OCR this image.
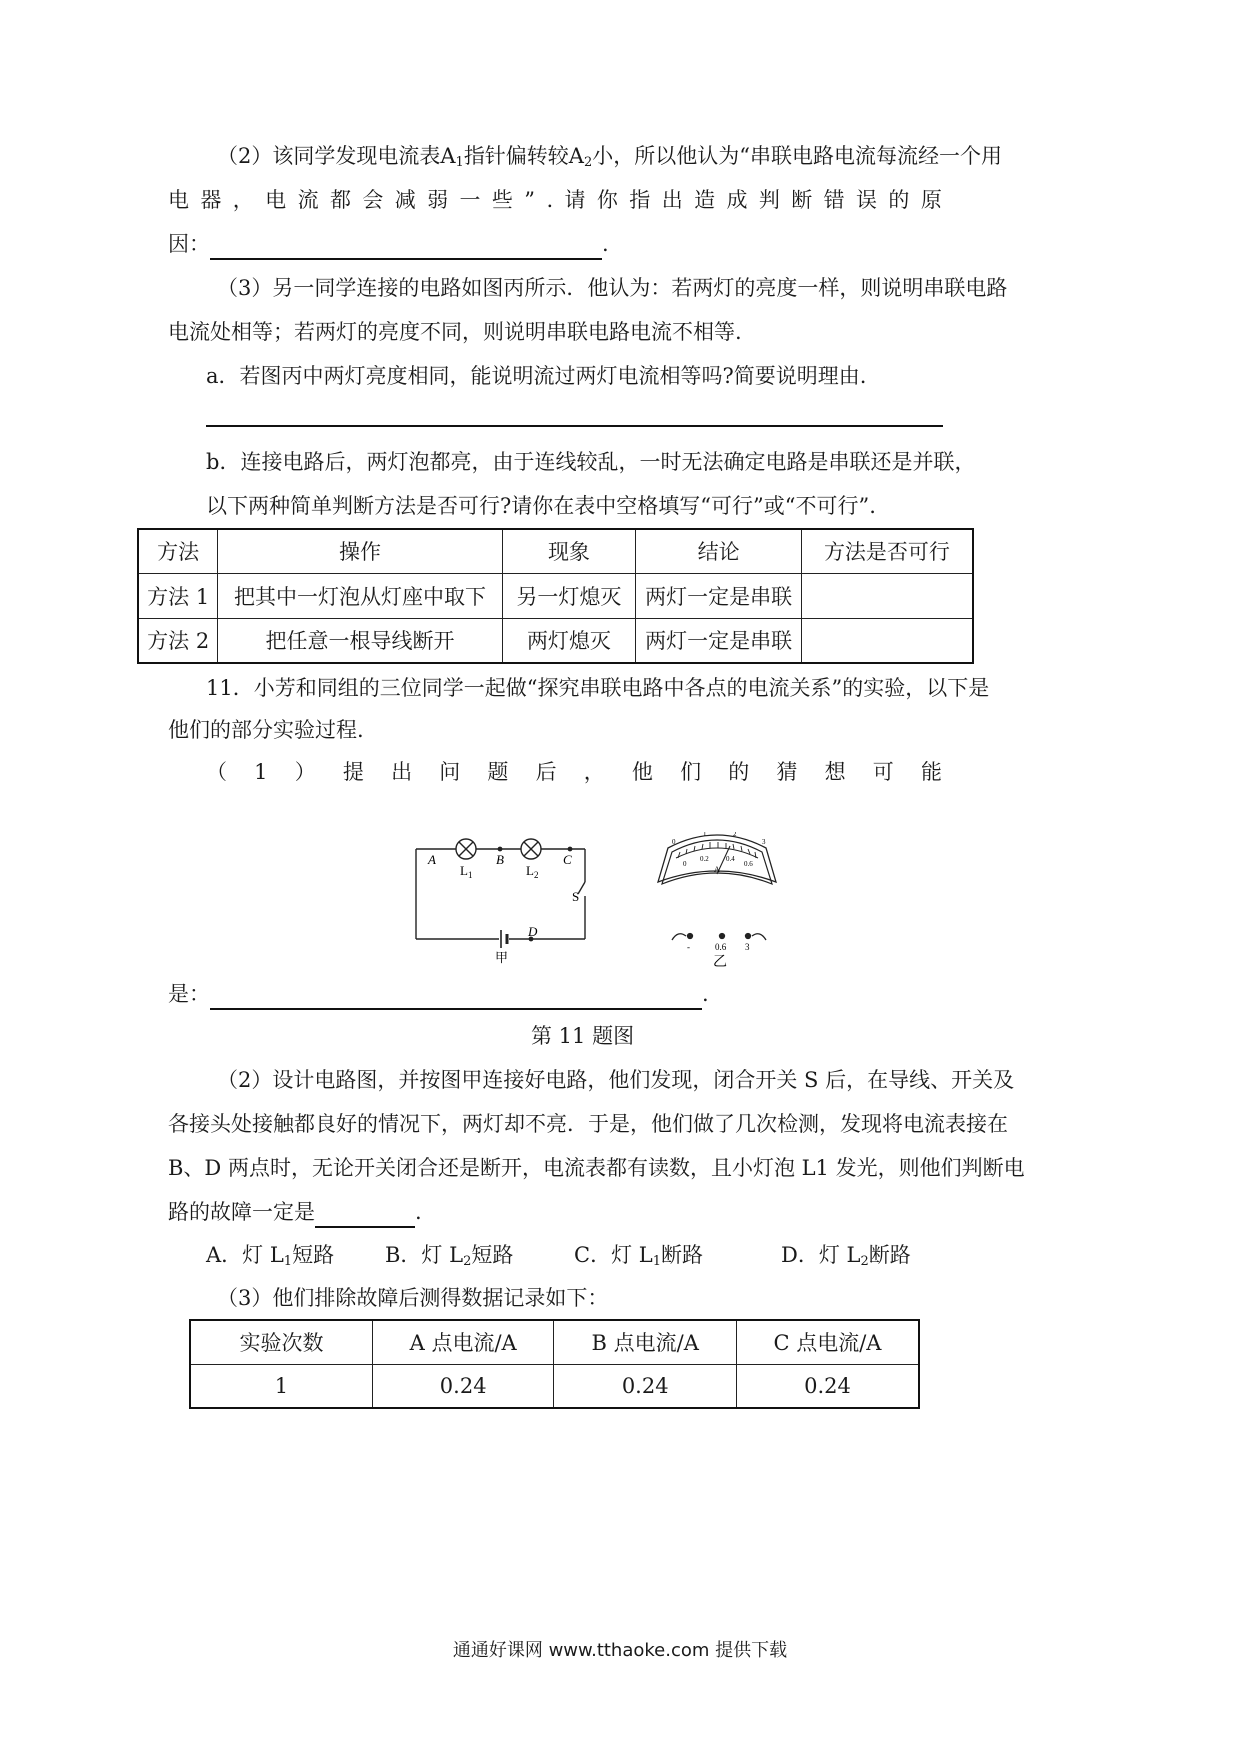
（2）该同学发现电流表$A_1$指针偏转较$A_2$小，所以他认为“串联电路电流每流经一个用
电 器 ， 电 流 都 会 减 弱 一 些 ” . 请 你 指 出 造 成 判 断 错 误 的 原
因：	.
（3）另一同学连接的电路如图丙所示．他认为：若两灯的亮度一样，则说明串联电路
电流处相等；若两灯的亮度不同，则说明串联电路电流不相等.
a．若图丙中两灯亮度相同，能说明流过两灯电流相等吗?简要说明理由.
b．连接电路后，两灯泡都亮，由于连线较乱，一时无法确定电路是串联还是并联，
以下两种简单判断方法是否可行?请你在表中空格填写“可行”或“不可行”.
方法	操作	现象	结论	方法是否可行
方法 1	把其中一灯泡从灯座中取下	另一灯熄灭	两灯一定是串联	
方法 2	把任意一根导线断开	两灯熄灭	两灯一定是串联	
11．小芳和同组的三位同学一起做“探究串联电路中各点的电流关系”的实验，以下是
他们的部分实验过程.
（ 1 ） 提 出 问 题 后 ， 他 们 的 猜 想 可 能
A	B	C
D
$L_1$	$L_2$
S
甲
0
1	2
3
0
0.2 0.4
0.6
A
-	0.6 3
乙
是：	.
第 11 题图
（2）设计电路图，并按图甲连接好电路，他们发现，闭合开关 S 后，在导线、开关及
各接头处接触都良好的情况下，两灯却不亮．于是，他们做了几次检测，发现将电流表接在
B、D 两点时，无论开关闭合还是断开，电流表都有读数，且小灯泡 L1 发光，则他们判断电
路的故障一定是	.
A．灯 $L_1$短路 B．灯 $L_2$短路	C．灯 $L_1$断路	D．灯 $L_2$断路
（3）他们排除故障后测得数据记录如下：
实验次数	A 点电流/A	B 点电流/A	C 点电流/A
1	0.24	0.24	0.24
通通好课网 www.tthaoke.com 提供下载
